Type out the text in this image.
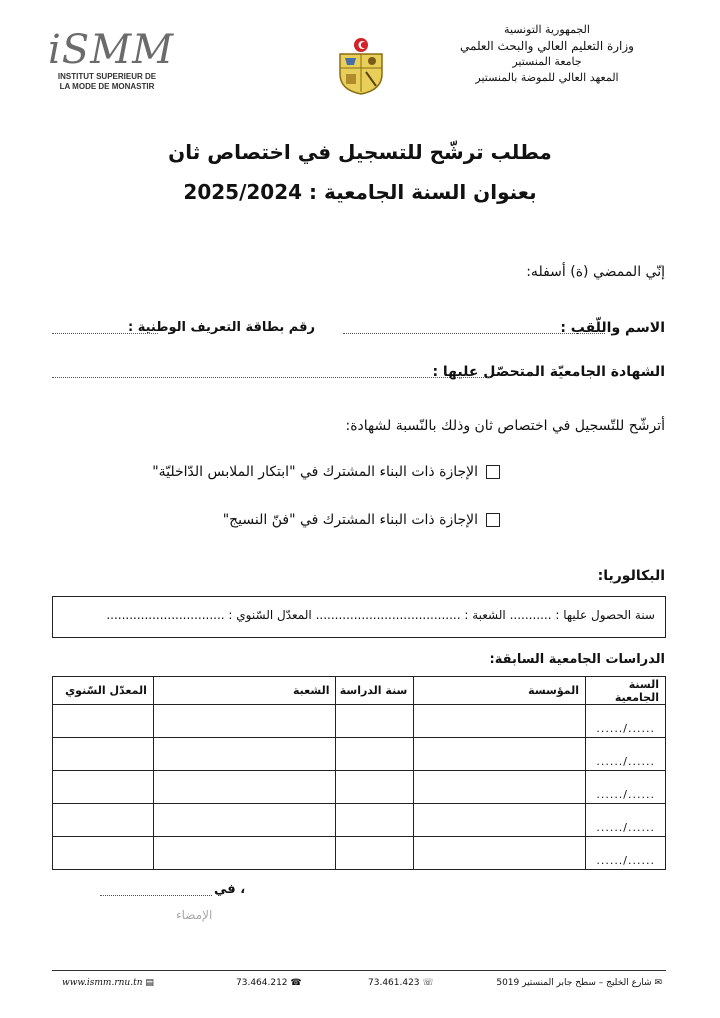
iSMM
INSTITUT SUPERIEUR DE
LA MODE DE MONASTIR
الجمهورية التونسية
وزارة التعليم العالي والبحث العلمي
جامعة المنستير
المعهد العالي للموضة بالمنستير
مطلب ترشّح للتسجيل في اختصاص ثان
بعنوان السنة الجامعية : 2025/2024
إنّي الممضي (ة) أسفله:
الاسم واللّقب :
رقم بطاقة التعريف الوطنية :
الشهادة الجامعيّة المتحصّل عليها :
أترشّح للتّسجيل في اختصاص ثان وذلك بالنّسبة لشهادة:
الإجازة ذات البناء المشترك في "ابتكار الملابس الدّاخليّة"
الإجازة ذات البناء المشترك في "فنّ النسيج"
البكالوريا:
سنة الحصول عليها : ........... الشعبة : ...................................... المعدّل السّنوي : ...............................
الدراسات الجامعية السابقة:
السنة الجامعية	المؤسسة	سنة الدراسة	الشعبة	المعدّل السّنوي
....../......				
....../......				
....../......				
....../......				
....../......				
، في
الإمضاء
www.ismm.rnu.tn ▤	73.464.212 ☎	73.461.423 ☏	✉ شارع الخليج – سطح جابر المنستير 5019
